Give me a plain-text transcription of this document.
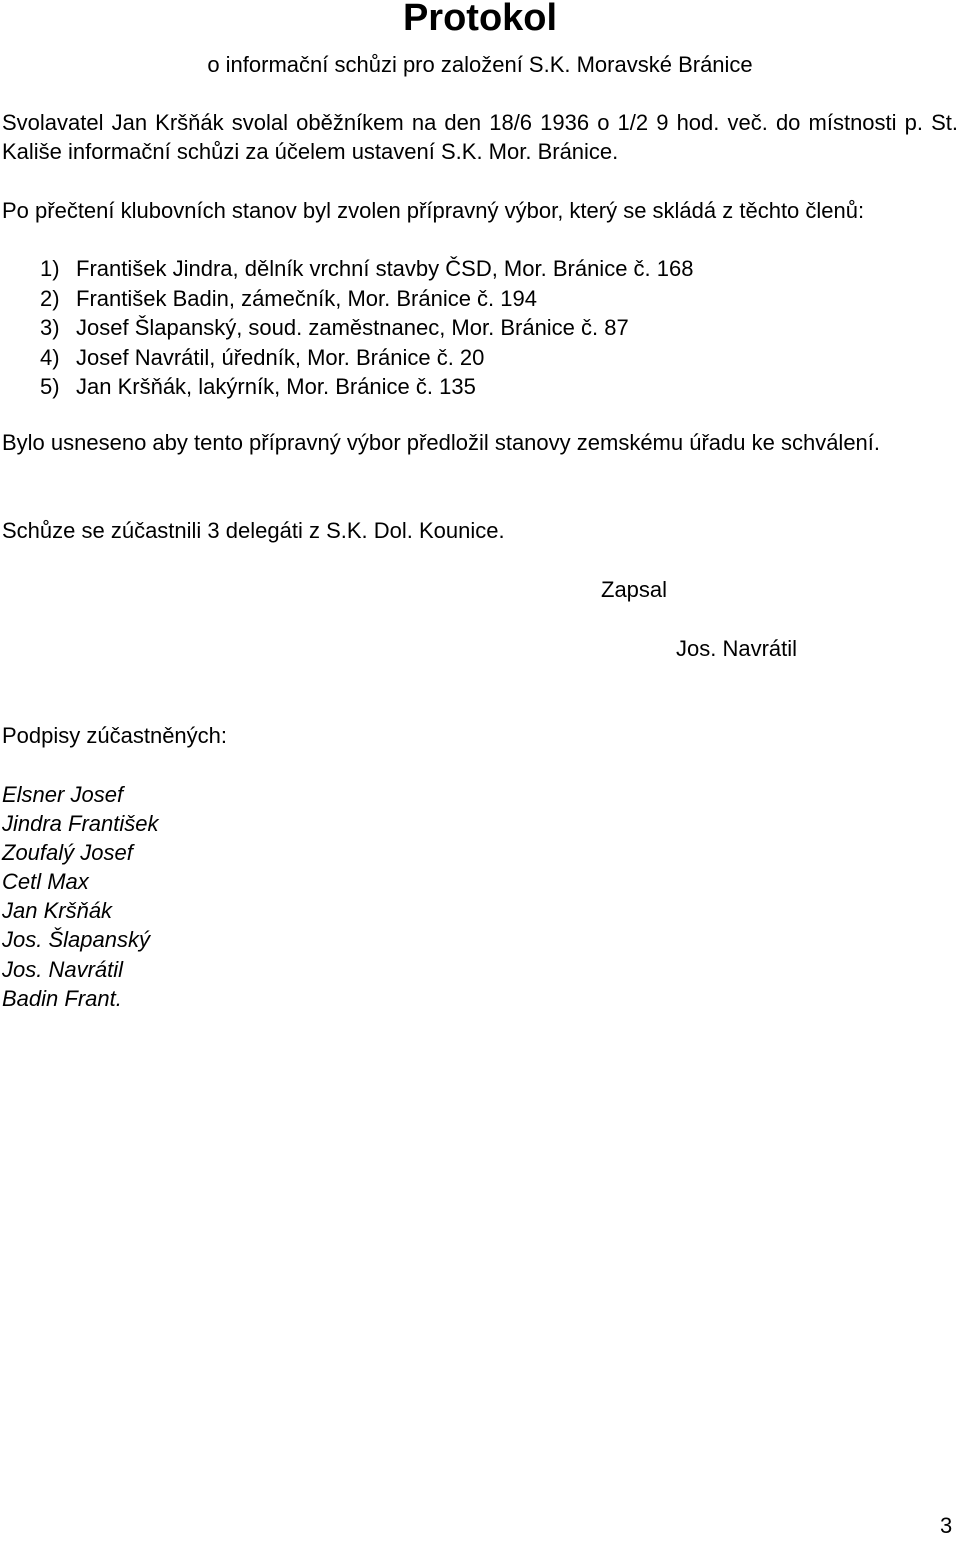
Protokol
o informační schůzi pro založení S.K. Moravské Bránice

Svolavatel Jan Kršňák svolal oběžníkem na den 18/6 1936 o 1/2 9 hod. več. do místnosti p. St. Kališe informační schůzi za účelem ustavení S.K. Mor. Bránice.

Po přečtení klubovních stanov byl zvolen přípravný výbor, který se skládá z těchto členů:

1) František Jindra, dělník vrchní stavby ČSD, Mor. Bránice č. 168
2) František Badin, zámečník, Mor. Bránice č. 194
3) Josef Šlapanský, soud. zaměstnanec, Mor. Bránice č. 87
4) Josef Navrátil, úředník, Mor. Bránice č. 20
5) Jan Kršňák, lakýrník, Mor. Bránice č. 135

Bylo usneseno aby tento přípravný výbor předložil stanovy zemskému úřadu ke schválení.

Schůze se zúčastnili 3 delegáti z S.K. Dol. Kounice.

Zapsal
Jos. Navrátil
Podpisy zúčastněných:
Elsner Josef
Jindra František
Zoufalý Josef
Cetl Max
Jan Kršňák
Jos. Šlapanský
Jos. Navrátil
Badin Frant.
3
